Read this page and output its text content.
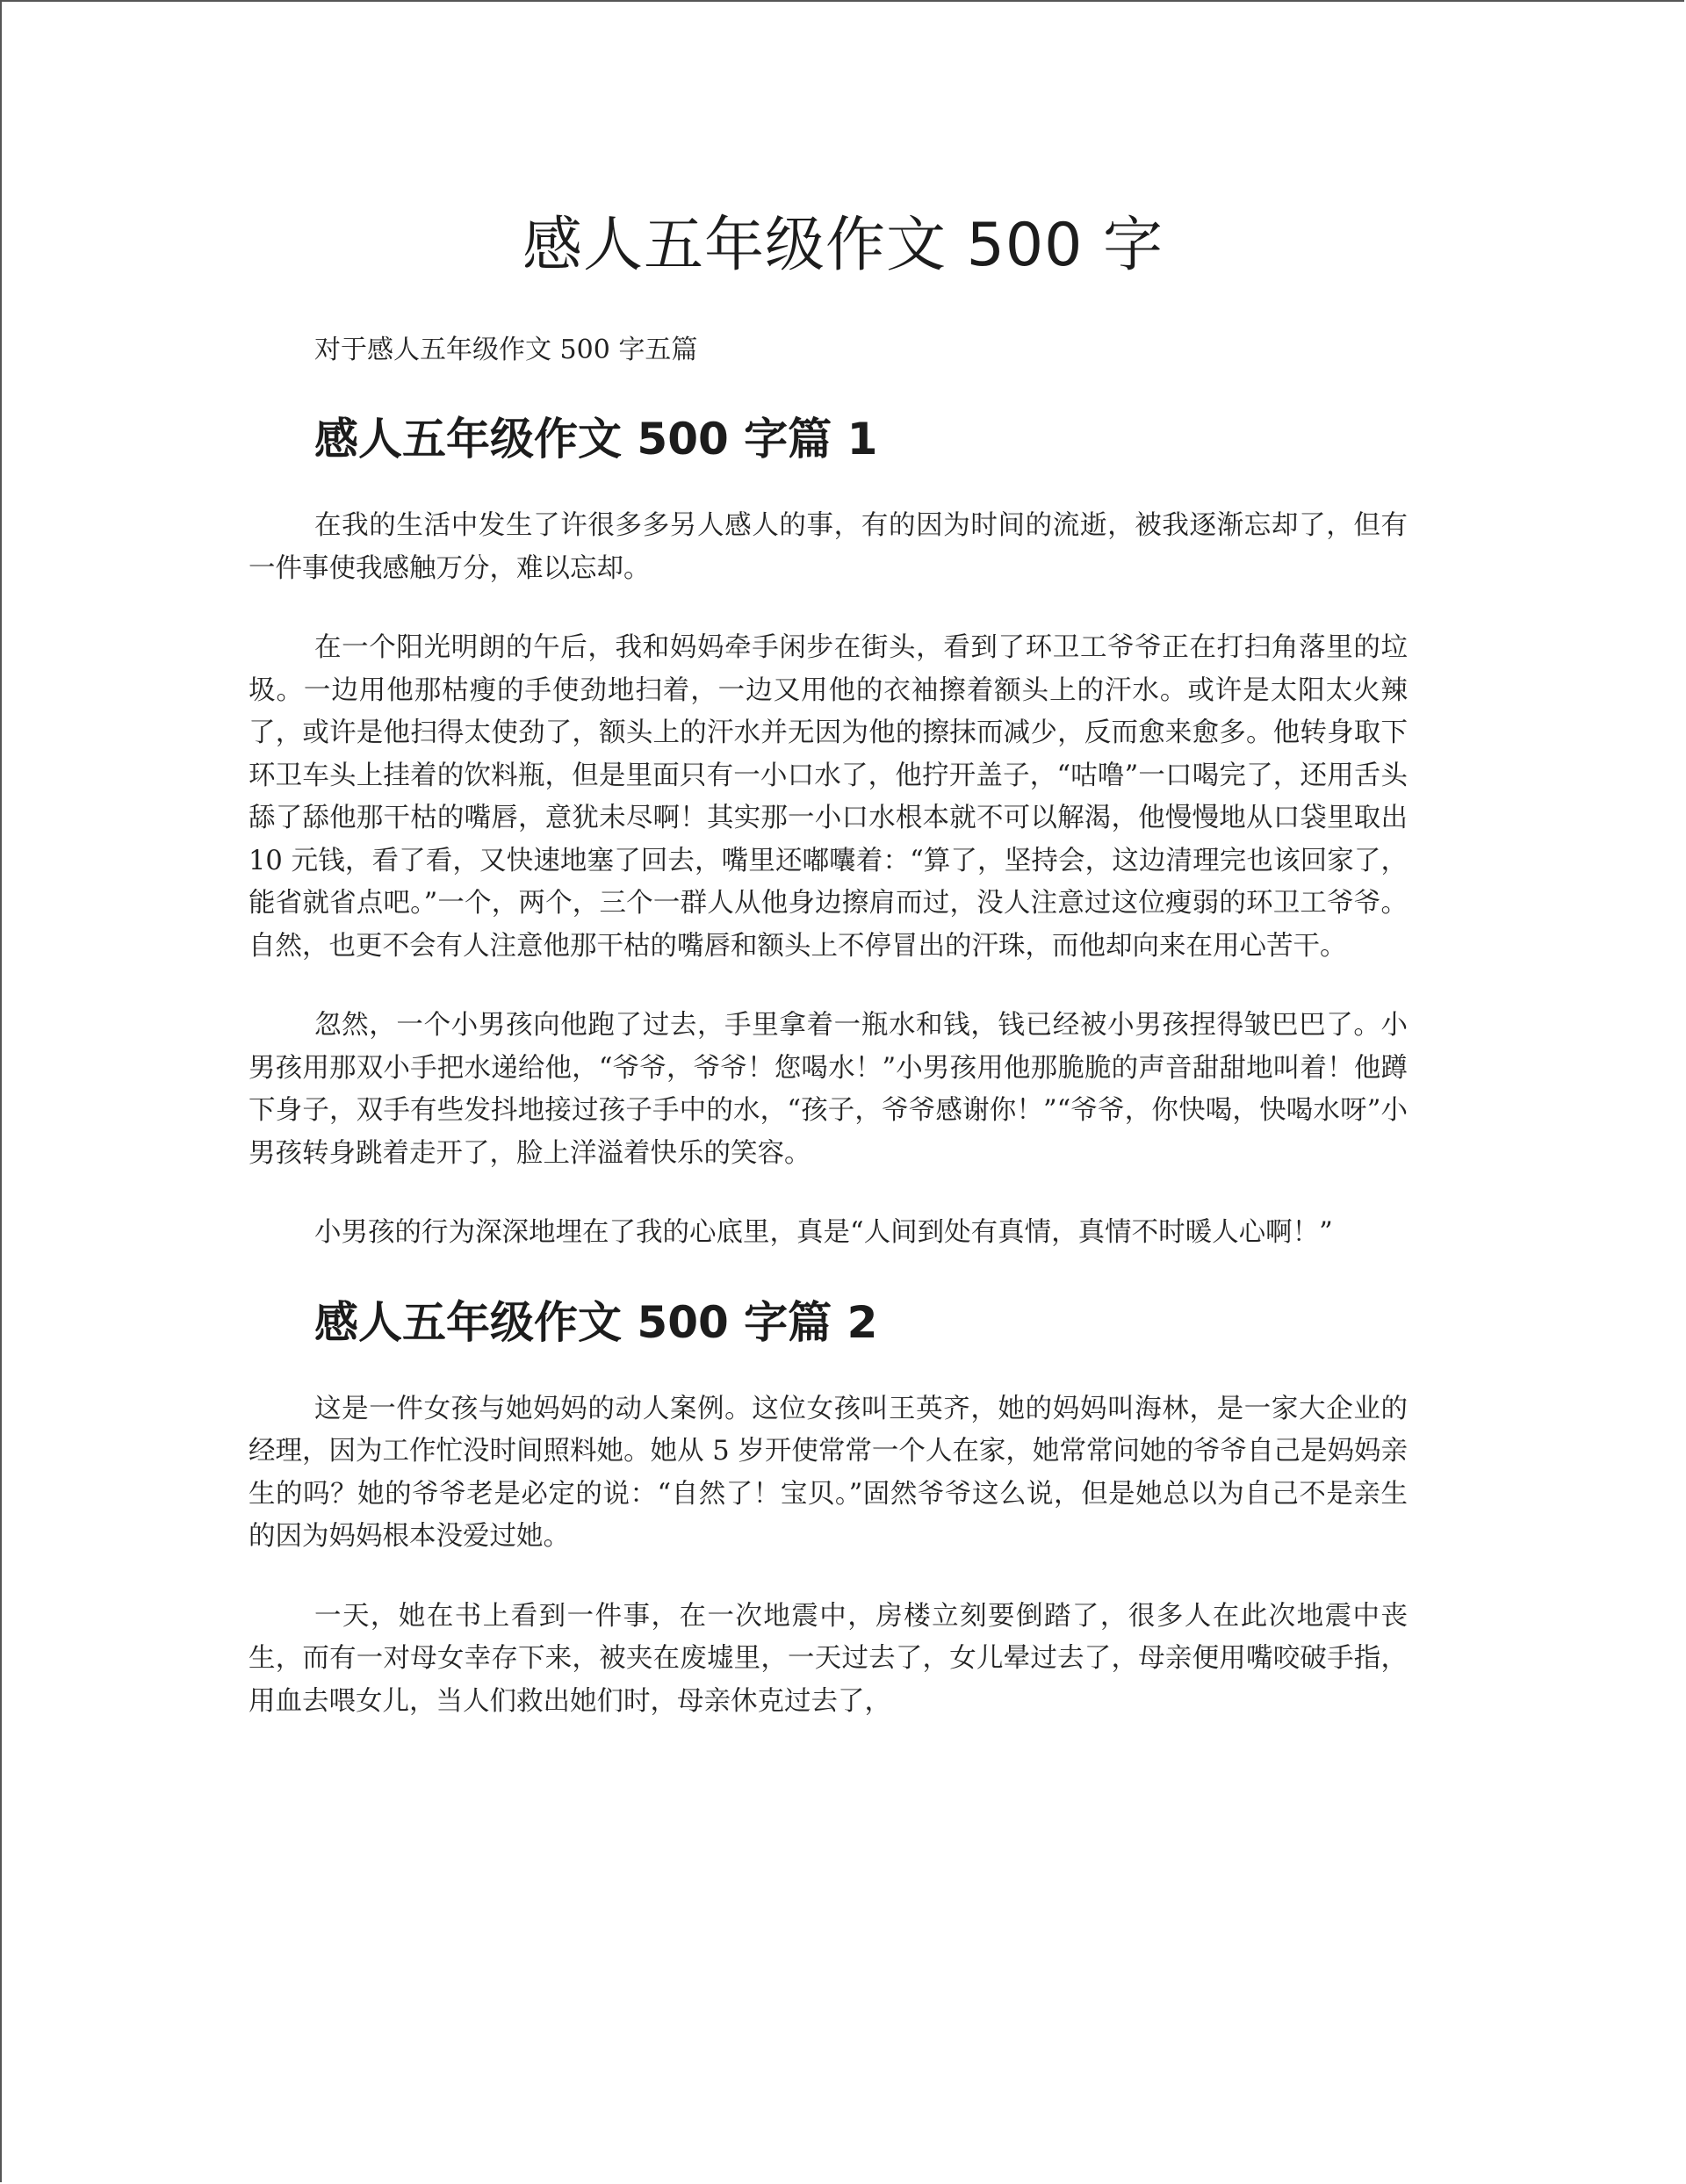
感人五年级作文 500 字

对于感人五年级作文 500 字五篇

感人五年级作文 500 字篇 1

在我的生活中发生了许很多多另人感人的事，有的因为时间的流逝，被我逐渐忘却了，但有一件事使我感触万分，难以忘却。

在一个阳光明朗的午后，我和妈妈牵手闲步在街头，看到了环卫工爷爷正在打扫角落里的垃圾。一边用他那枯瘦的手使劲地扫着，一边又用他的衣袖擦着额头上的汗水。或许是太阳太火辣了，或许是他扫得太使劲了，额头上的汗水并无因为他的擦抹而减少，反而愈来愈多。他转身取下环卫车头上挂着的饮料瓶，但是里面只有一小口水了，他拧开盖子，“咕噜”一口喝完了，还用舌头舔了舔他那干枯的嘴唇，意犹未尽啊！其实那一小口水根本就不可以解渴，他慢慢地从口袋里取出 10 元钱，看了看，又快速地塞了回去，嘴里还嘟囔着：“算了，坚持会，这边清理完也该回家了，能省就省点吧。”一个，两个，三个一群人从他身边擦肩而过，没人注意过这位瘦弱的环卫工爷爷。自然，也更不会有人注意他那干枯的嘴唇和额头上不停冒出的汗珠，而他却向来在用心苦干。

忽然，一个小男孩向他跑了过去，手里拿着一瓶水和钱，钱已经被小男孩捏得皱巴巴了。小男孩用那双小手把水递给他，“爷爷，爷爷！您喝水！”小男孩用他那脆脆的声音甜甜地叫着！他蹲下身子，双手有些发抖地接过孩子手中的水，“孩子，爷爷感谢你！”“爷爷，你快喝，快喝水呀”小男孩转身跳着走开了，脸上洋溢着快乐的笑容。

小男孩的行为深深地埋在了我的心底里，真是“人间到处有真情，真情不时暖人心啊！”

感人五年级作文 500 字篇 2

这是一件女孩与她妈妈的动人案例。这位女孩叫王英齐，她的妈妈叫海林，是一家大企业的经理，因为工作忙没时间照料她。她从 5 岁开使常常一个人在家，她常常问她的爷爷自己是妈妈亲生的吗？她的爷爷老是必定的说：“自然了！宝贝。”固然爷爷这么说，但是她总以为自己不是亲生的因为妈妈根本没爱过她。

一天，她在书上看到一件事，在一次地震中，房楼立刻要倒踏了，很多人在此次地震中丧生，而有一对母女幸存下来，被夹在废墟里，一天过去了，女儿晕过去了，母亲便用嘴咬破手指，用血去喂女儿，当人们救出她们时，母亲休克过去了，
